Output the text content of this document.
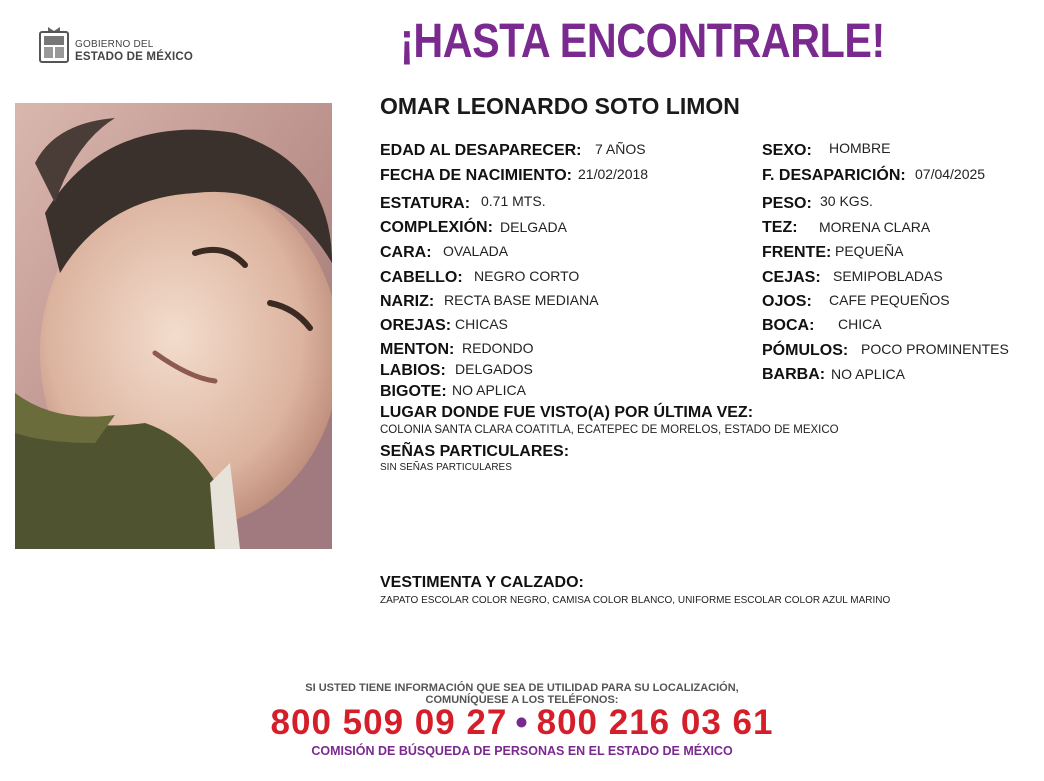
GOBIERNO DEL
ESTADO DE MÉXICO	¡HASTA ENCONTRARLE!
OMAR LEONARDO SOTO LIMON
EDAD AL DESAPARECER: 7 AÑOS
FECHA DE NACIMIENTO: 21/02/2018
ESTATURA: 0.71 MTS.
COMPLEXIÓN: DELGADA
CARA: OVALADA
CABELLO: NEGRO CORTO
NARIZ: RECTA BASE MEDIANA
OREJAS: CHICAS
MENTON: REDONDO
LABIOS: DELGADOS
BIGOTE: NO APLICA
SEXO: HOMBRE
F. DESAPARICIÓN: 07/04/2025
PESO: 30 KGS.
TEZ: MORENA CLARA
FRENTE: PEQUEÑA
CEJAS: SEMIPOBLADAS
OJOS: CAFE PEQUEÑOS
BOCA: CHICA
PÓMULOS: POCO PROMINENTES
BARBA: NO APLICA
LUGAR DONDE FUE VISTO(A) POR ÚLTIMA VEZ:
COLONIA SANTA CLARA COATITLA, ECATEPEC DE MORELOS, ESTADO DE MEXICO
SEÑAS PARTICULARES:
SIN SEÑAS PARTICULARES
VESTIMENTA Y CALZADO:
ZAPATO ESCOLAR COLOR NEGRO, CAMISA COLOR BLANCO, UNIFORME ESCOLAR COLOR AZUL MARINO
SI USTED TIENE INFORMACIÓN QUE SEA DE UTILIDAD PARA SU LOCALIZACIÓN,
COMUNÍQUESE A LOS TELÉFONOS:
800 509 09 27 • 800 216 03 61
COMISIÓN DE BÚSQUEDA DE PERSONAS EN EL ESTADO DE MÉXICO
